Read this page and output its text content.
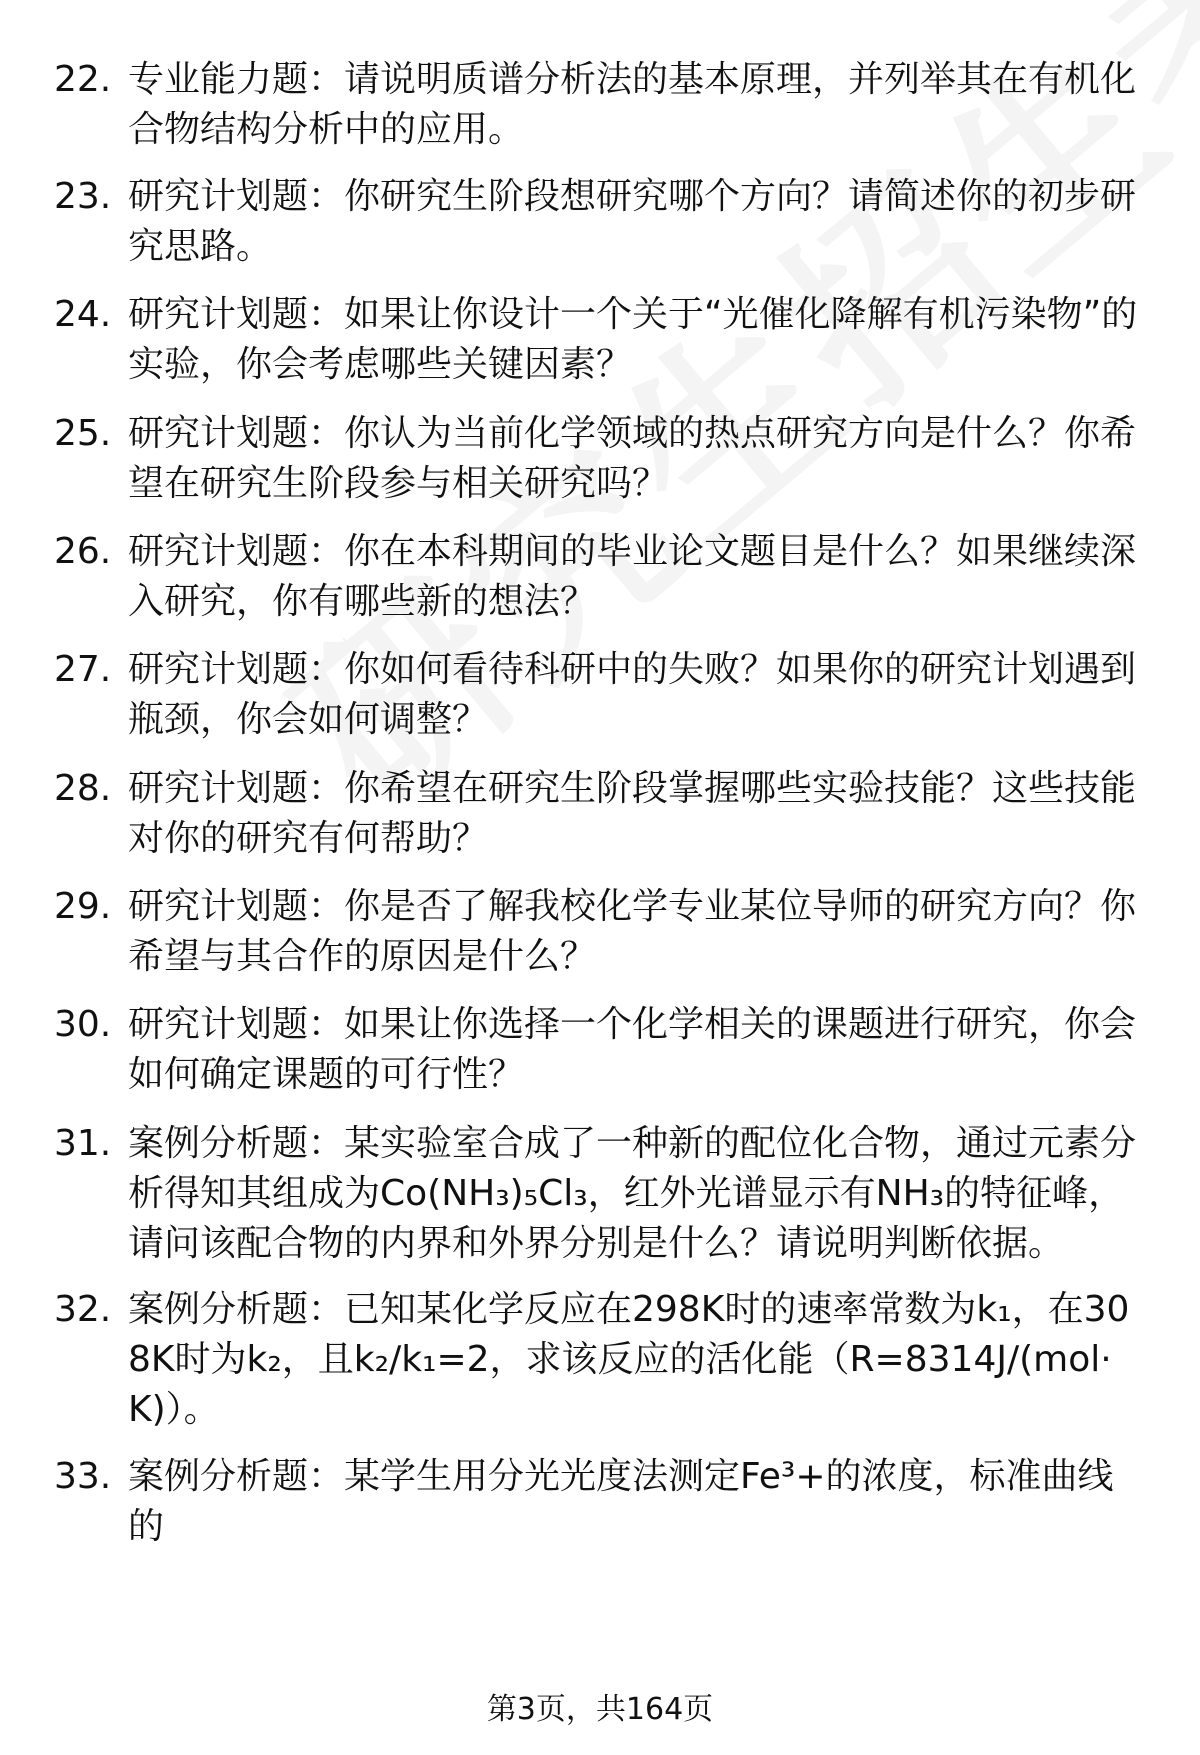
22. 专业能力题：请说明质谱分析法的基本原理，并列举其在有机化合物结构分析中的应用。
23. 研究计划题：你研究生阶段想研究哪个方向？请简述你的初步研究思路。
24. 研究计划题：如果让你设计一个关于“光催化降解有机污染物”的实验，你会考虑哪些关键因素？
25. 研究计划题：你认为当前化学领域的热点研究方向是什么？你希望在研究生阶段参与相关研究吗？
26. 研究计划题：你在本科期间的毕业论文题目是什么？如果继续深入研究，你有哪些新的想法？
27. 研究计划题：你如何看待科研中的失败？如果你的研究计划遇到瓶颈，你会如何调整？
28. 研究计划题：你希望在研究生阶段掌握哪些实验技能？这些技能对你的研究有何帮助？
29. 研究计划题：你是否了解我校化学专业某位导师的研究方向？你希望与其合作的原因是什么？
30. 研究计划题：如果让你选择一个化学相关的课题进行研究，你会如何确定课题的可行性？
31. 案例分析题：某实验室合成了一种新的配位化合物，通过元素分析得知其组成为Co(NH₃)₅Cl₃，红外光谱显示有NH₃的特征峰，请问该配合物的内界和外界分别是什么？请说明判断依据。
32. 案例分析题：已知某化学反应在298K时的速率常数为k₁，在308K时为k₂，且k₂/k₁=2，求该反应的活化能（R=8314J/(mol·K)）。
33. 案例分析题：某学生用分光光度法测定Fe³+的浓度，标准曲线的
第3页，共164页
